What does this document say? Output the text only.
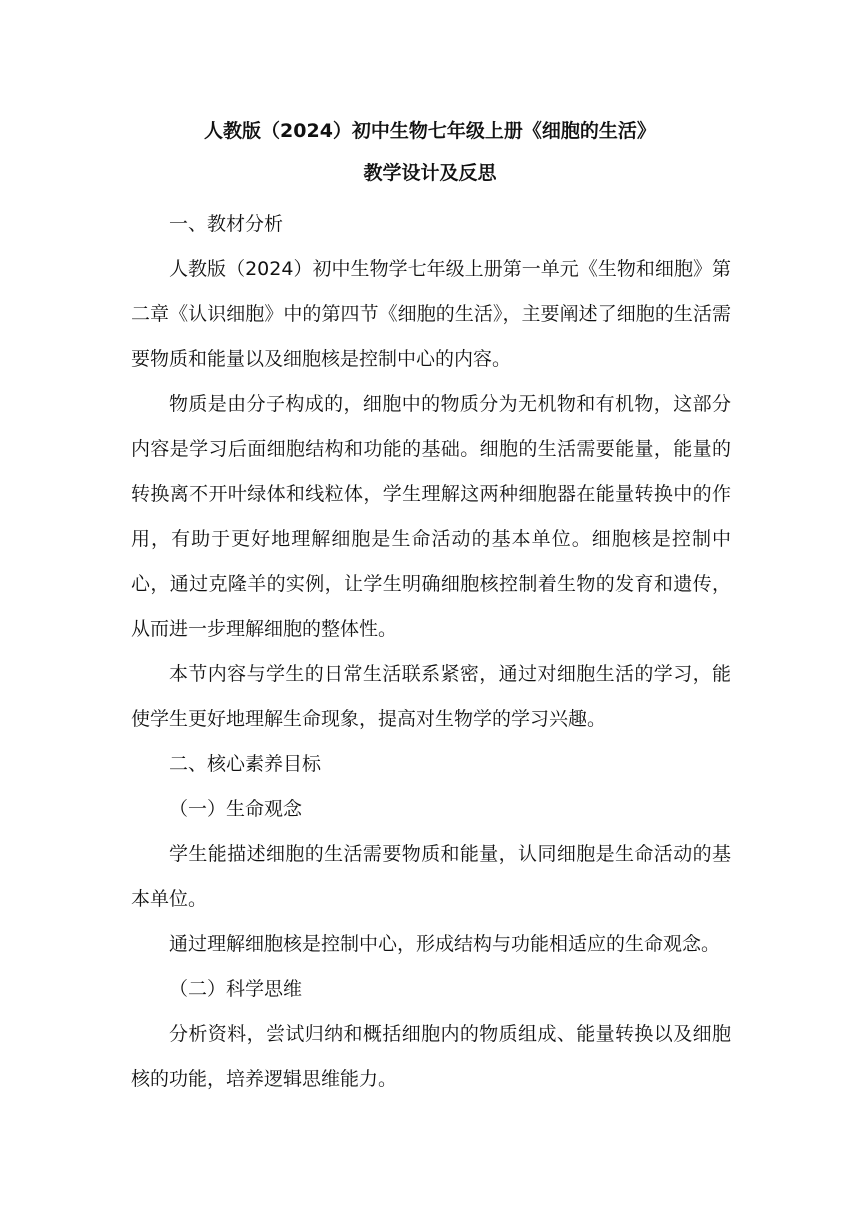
人教版（2024）初中生物七年级上册《细胞的生活》
教学设计及反思

一、教材分析

人教版（2024）初中生物学七年级上册第一单元《生物和细胞》第二章《认识细胞》中的第四节《细胞的生活》，主要阐述了细胞的生活需要物质和能量以及细胞核是控制中心的内容。

物质是由分子构成的，细胞中的物质分为无机物和有机物，这部分内容是学习后面细胞结构和功能的基础。细胞的生活需要能量，能量的转换离不开叶绿体和线粒体，学生理解这两种细胞器在能量转换中的作用，有助于更好地理解细胞是生命活动的基本单位。细胞核是控制中心，通过克隆羊的实例，让学生明确细胞核控制着生物的发育和遗传，从而进一步理解细胞的整体性。

本节内容与学生的日常生活联系紧密，通过对细胞生活的学习，能使学生更好地理解生命现象，提高对生物学的学习兴趣。

二、核心素养目标

（一）生命观念

学生能描述细胞的生活需要物质和能量，认同细胞是生命活动的基本单位。

通过理解细胞核是控制中心，形成结构与功能相适应的生命观念。

（二）科学思维

分析资料，尝试归纳和概括细胞内的物质组成、能量转换以及细胞核的功能，培养逻辑思维能力。
